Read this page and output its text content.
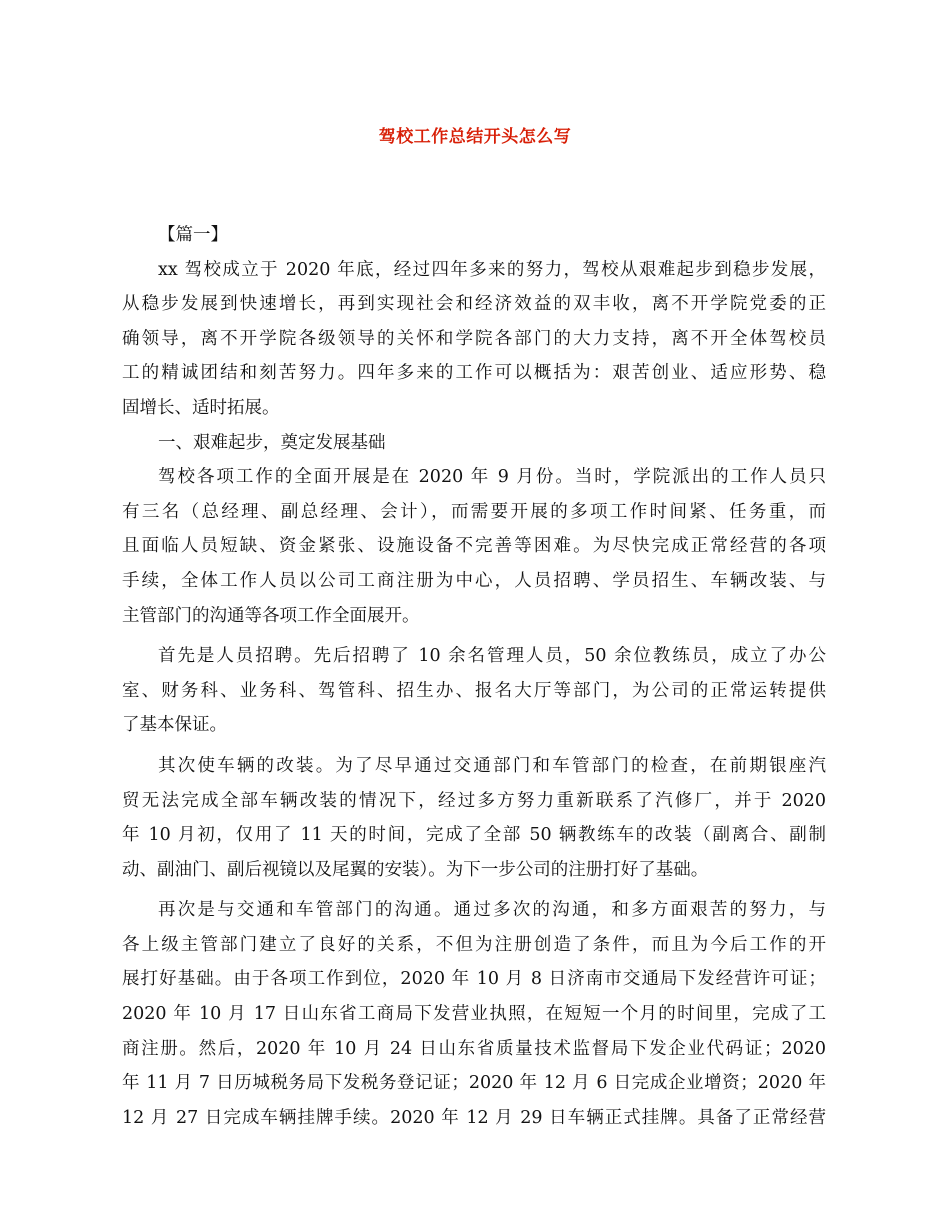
驾校工作总结开头怎么写
【篇一】
xx 驾校成立于 2020 年底，经过四年多来的努力，驾校从艰难起步到稳步发展，
从稳步发展到快速增长，再到实现社会和经济效益的双丰收，离不开学院党委的正
确领导，离不开学院各级领导的关怀和学院各部门的大力支持，离不开全体驾校员
工的精诚团结和刻苦努力。四年多来的工作可以概括为：艰苦创业、适应形势、稳
固增长、适时拓展。
一、艰难起步，奠定发展基础
驾校各项工作的全面开展是在 2020 年 9 月份。当时，学院派出的工作人员只
有三名（总经理、副总经理、会计），而需要开展的多项工作时间紧、任务重，而
且面临人员短缺、资金紧张、设施设备不完善等困难。为尽快完成正常经营的各项
手续，全体工作人员以公司工商注册为中心，人员招聘、学员招生、车辆改装、与
主管部门的沟通等各项工作全面展开。
首先是人员招聘。先后招聘了 10 余名管理人员，50 余位教练员，成立了办公
室、财务科、业务科、驾管科、招生办、报名大厅等部门，为公司的正常运转提供
了基本保证。
其次使车辆的改装。为了尽早通过交通部门和车管部门的检查，在前期银座汽
贸无法完成全部车辆改装的情况下，经过多方努力重新联系了汽修厂，并于 2020
年 10 月初，仅用了 11 天的时间，完成了全部 50 辆教练车的改装（副离合、副制
动、副油门、副后视镜以及尾翼的安装）。为下一步公司的注册打好了基础。
再次是与交通和车管部门的沟通。通过多次的沟通，和多方面艰苦的努力，与
各上级主管部门建立了良好的关系，不但为注册创造了条件，而且为今后工作的开
展打好基础。由于各项工作到位，2020 年 10 月 8 日济南市交通局下发经营许可证；
2020 年 10 月 17 日山东省工商局下发营业执照，在短短一个月的时间里，完成了工
商注册。然后，2020 年 10 月 24 日山东省质量技术监督局下发企业代码证；2020
年 11 月 7 日历城税务局下发税务登记证；2020 年 12 月 6 日完成企业增资；2020 年
12 月 27 日完成车辆挂牌手续。2020 年 12 月 29 日车辆正式挂牌。具备了正常经营
